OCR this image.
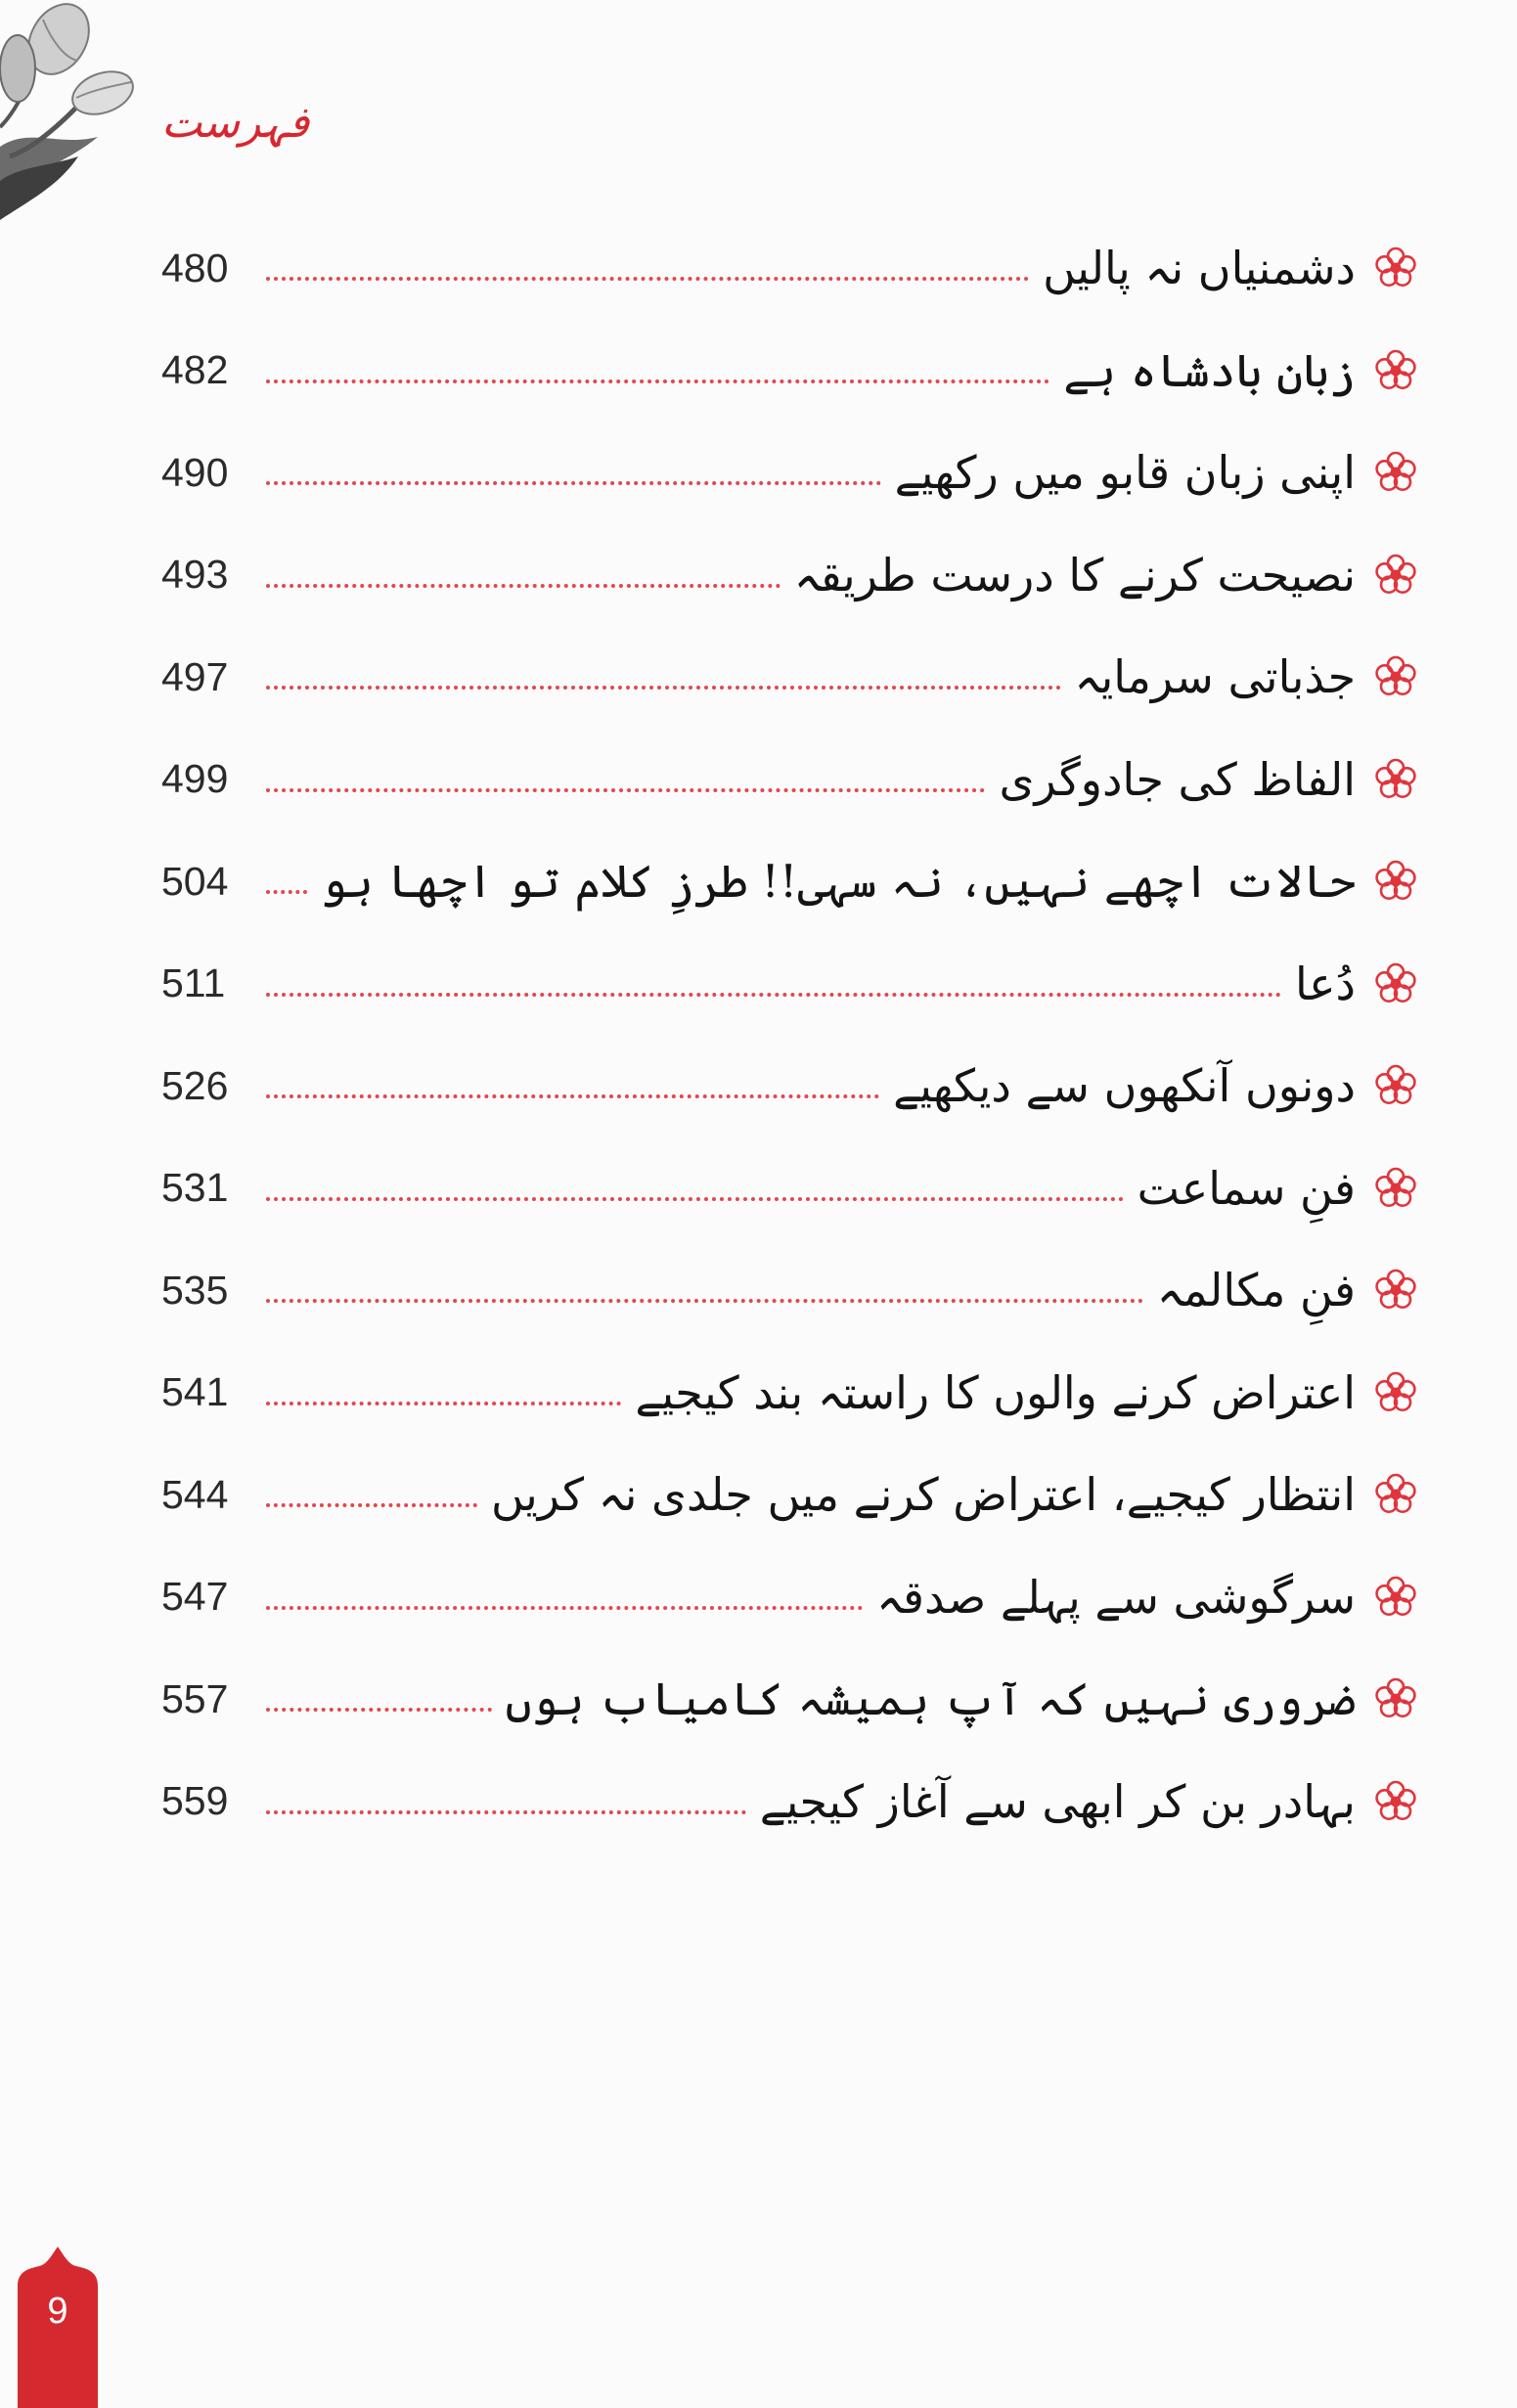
فہرست
480	دشمنیاں نہ پالیں
482	زبان بادشاہ ہے
490	اپنی زبان قابو میں رکھیے
493	نصیحت کرنے کا درست طریقہ
497	جذباتی سرمایہ
499	الفاظ کی جادوگری
504	حالات اچھے نہیں، نہ سہی!! طرزِ کلام تو اچھا ہو
511	دُعا
526	دونوں آنکھوں سے دیکھیے
531	فنِ سماعت
535	فنِ مکالمہ
541	اعتراض کرنے والوں کا راستہ بند کیجیے
544	انتظار کیجیے، اعتراض کرنے میں جلدی نہ کریں
547	سرگوشی سے پہلے صدقہ
557	ضروری نہیں کہ آپ ہمیشہ کامیاب ہوں
559	بہادر بن کر ابھی سے آغاز کیجیے
9
